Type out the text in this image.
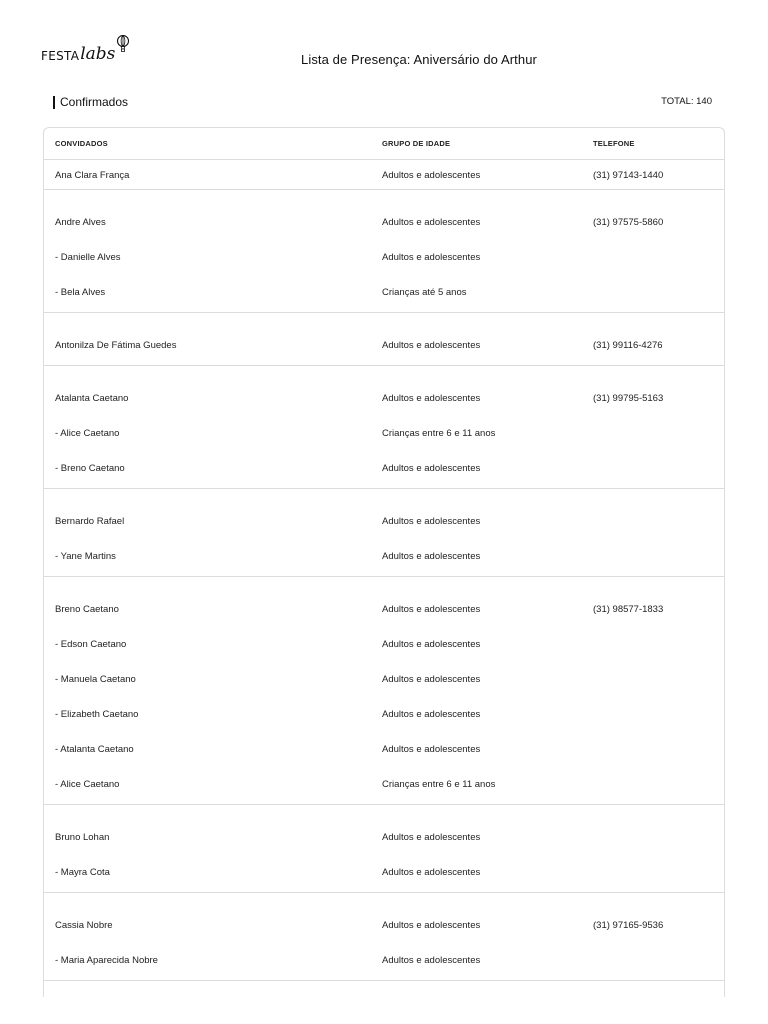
FESTA labs	Lista de Presença: Aniversário do Arthur
Confirmados	TOTAL: 140
CONVIDADOS	GRUPO DE IDADE	TELEFONE
Ana Clara França	Adultos e adolescentes	(31) 97143-1440
Andre Alves	Adultos e adolescentes	(31) 97575-5860
- Danielle Alves	Adultos e adolescentes
- Bela Alves	Crianças até 5 anos
Antonilza De Fátima Guedes	Adultos e adolescentes	(31) 99116-4276
Atalanta Caetano	Adultos e adolescentes	(31) 99795-5163
- Alice Caetano	Crianças entre 6 e 11 anos
- Breno Caetano	Adultos e adolescentes
Bernardo Rafael	Adultos e adolescentes
- Yane Martins	Adultos e adolescentes
Breno Caetano	Adultos e adolescentes	(31) 98577-1833
- Edson Caetano	Adultos e adolescentes
- Manuela Caetano	Adultos e adolescentes
- Elizabeth Caetano	Adultos e adolescentes
- Atalanta Caetano	Adultos e adolescentes
- Alice Caetano	Crianças entre 6 e 11 anos
Bruno Lohan	Adultos e adolescentes
- Mayra Cota	Adultos e adolescentes
Cassia Nobre	Adultos e adolescentes	(31) 97165-9536
- Maria Aparecida Nobre	Adultos e adolescentes
